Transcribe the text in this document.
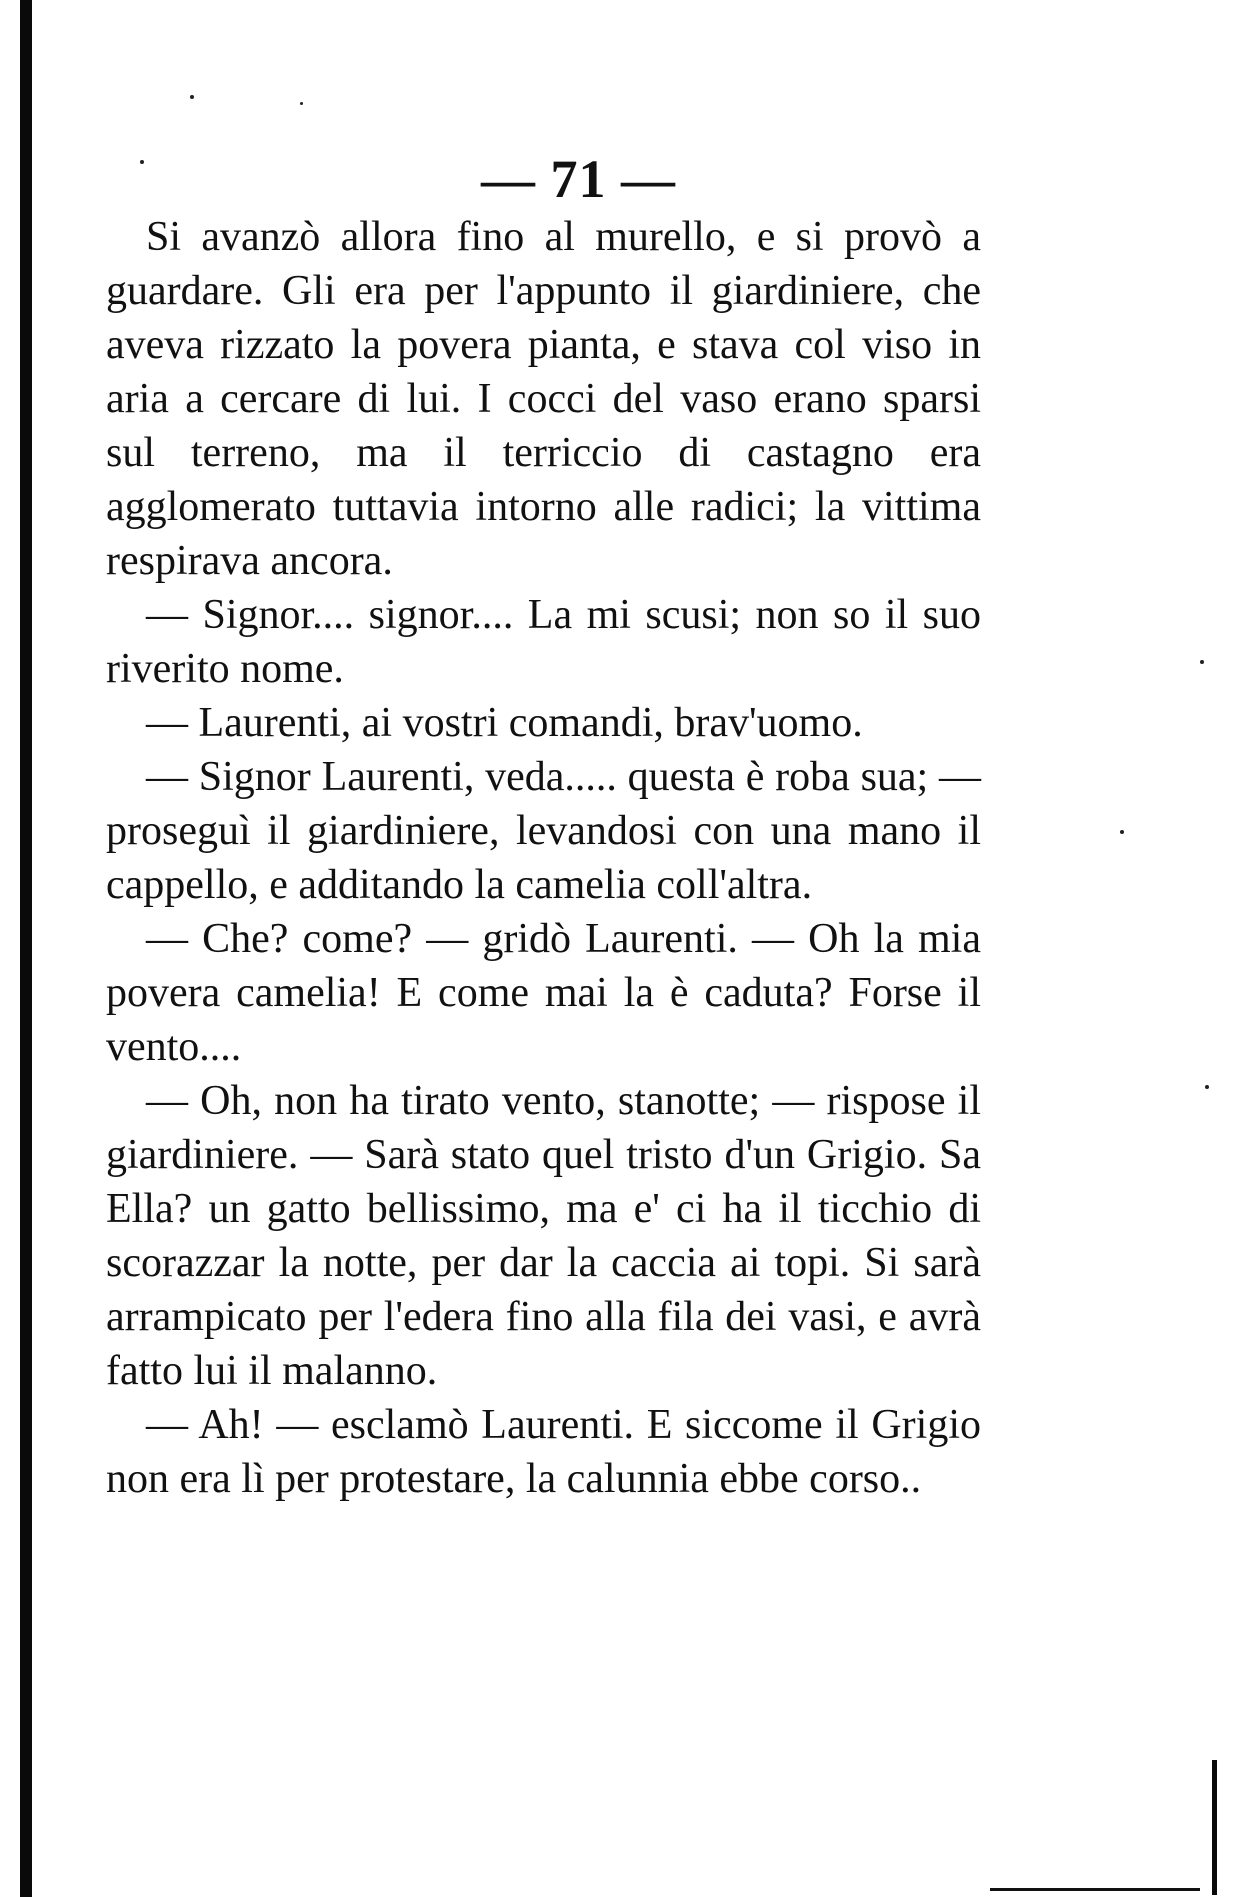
— 71 —

Si avanzò allora fino al murello, e si provò a guardare. Gli era per l'appunto il giardiniere, che aveva rizzato la povera pianta, e stava col viso in aria a cercare di lui. I cocci del vaso erano sparsi sul terreno, ma il terriccio di castagno era agglomerato tuttavia intorno alle radici; la vittima respirava ancora.

— Signor.... signor.... La mi scusi; non so il suo riverito nome.

— Laurenti, ai vostri comandi, brav'uomo.

— Signor Laurenti, veda..... questa è roba sua; — proseguì il giardiniere, levandosi con una mano il cappello, e additando la camelia coll'altra.

— Che? come? — gridò Laurenti. — Oh la mia povera camelia! E come mai la è caduta? Forse il vento....

— Oh, non ha tirato vento, stanotte; — rispose il giardiniere. — Sarà stato quel tristo d'un Grigio. Sa Ella? un gatto bellissimo, ma e' ci ha il ticchio di scorazzar la notte, per dar la caccia ai topi. Si sarà arrampicato per l'edera fino alla fila dei vasi, e avrà fatto lui il malanno.

— Ah! — esclamò Laurenti. E siccome il Grigio non era lì per protestare, la calunnia ebbe corso..
